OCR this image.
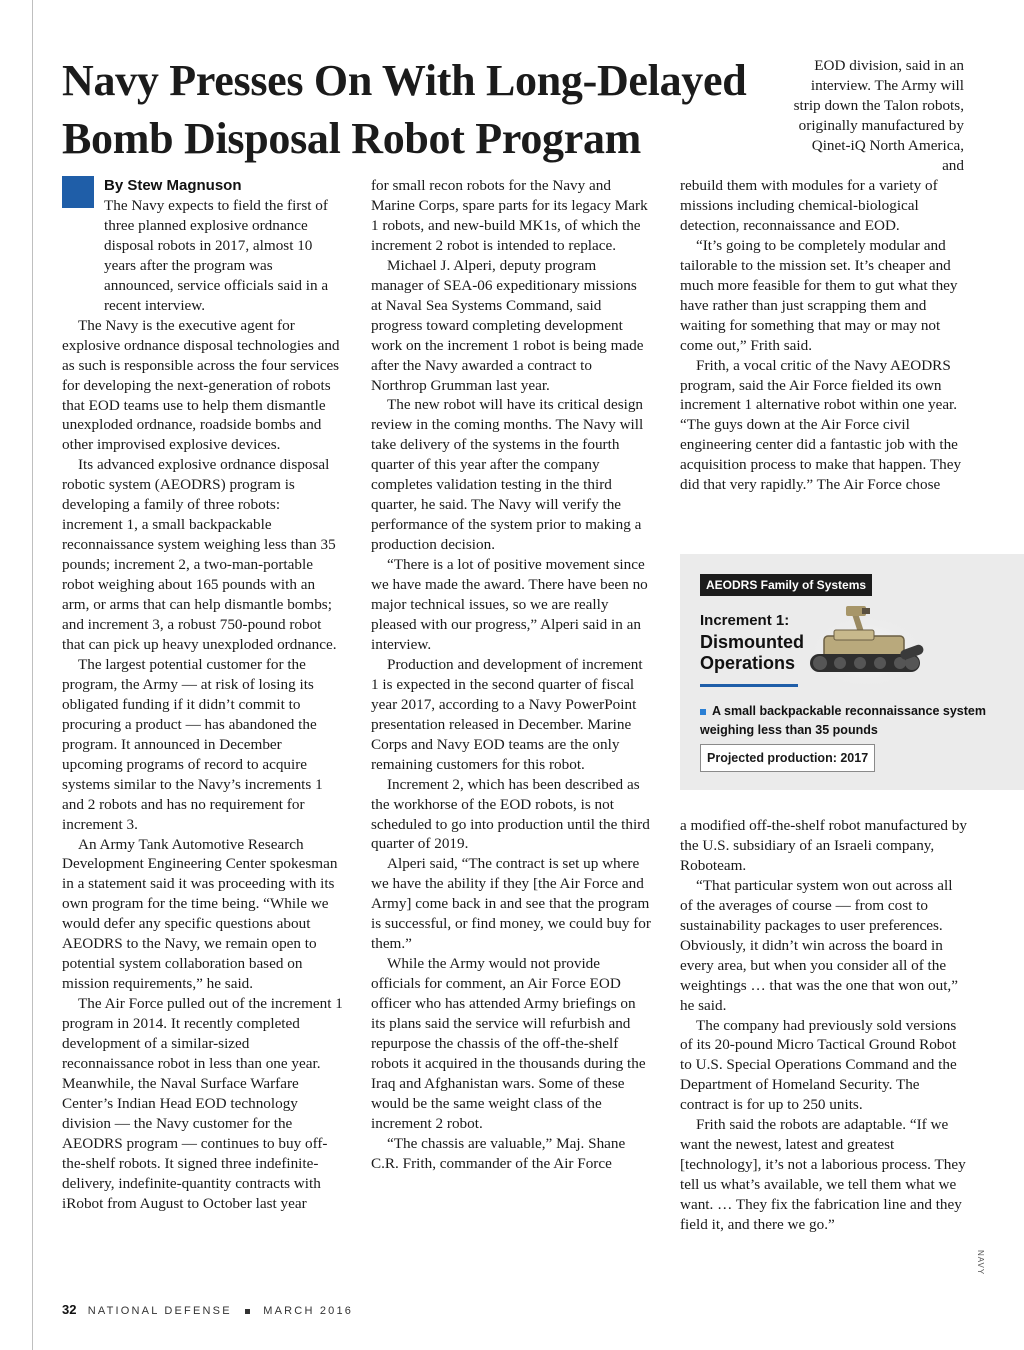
Navy Presses On With Long-Delayed
Bomb Disposal Robot Program
By Stew Magnuson

The Navy expects to field the first of three planned explosive ordnance disposal robots in 2017, almost 10 years after the program was announced, service officials said in a recent interview.

The Navy is the executive agent for explosive ordnance disposal technologies and as such is responsible across the four services for developing the next-generation of robots that EOD teams use to help them dismantle unexploded ordnance, roadside bombs and other improvised explosive devices.

Its advanced explosive ordnance disposal robotic system (AEODRS) program is developing a family of three robots: increment 1, a small backpackable reconnaissance system weighing less than 35 pounds; increment 2, a two-man-portable robot weighing about 165 pounds with an arm, or arms that can help dismantle bombs; and increment 3, a robust 750-pound robot that can pick up heavy unexploded ordnance.

The largest potential customer for the program, the Army — at risk of losing its obligated funding if it didn’t commit to procuring a product — has abandoned the program. It announced in December upcoming programs of record to acquire systems similar to the Navy’s increments 1 and 2 robots and has no requirement for increment 3.

An Army Tank Automotive Research Development Engineering Center spokesman in a statement said it was proceeding with its own program for the time being. “While we would defer any specific questions about AEODRS to the Navy, we remain open to potential system collaboration based on mission requirements,” he said.

The Air Force pulled out of the increment 1 program in 2014. It recently completed development of a similar-sized reconnaissance robot in less than one year. Meanwhile, the Naval Surface Warfare Center’s Indian Head EOD technology division — the Navy customer for the AEODRS program — continues to buy off-the-shelf robots. It signed three indefinite-delivery, indefinite-quantity contracts with iRobot from August to October last year

for small recon robots for the Navy and Marine Corps, spare parts for its legacy Mark 1 robots, and new-build MK1s, of which the increment 2 robot is intended to replace.

Michael J. Alperi, deputy program manager of SEA-06 expeditionary missions at Naval Sea Systems Command, said progress toward completing development work on the increment 1 robot is being made after the Navy awarded a contract to Northrop Grumman last year.

The new robot will have its critical design review in the coming months. The Navy will take delivery of the systems in the fourth quarter of this year after the company completes validation testing in the third quarter, he said. The Navy will verify the performance of the system prior to making a production decision.

“There is a lot of positive movement since we have made the award. There have been no major technical issues, so we are really pleased with our progress,” Alperi said in an interview.

Production and development of increment 1 is expected in the second quarter of fiscal year 2017, according to a Navy PowerPoint presentation released in December. Marine Corps and Navy EOD teams are the only remaining customers for this robot.

Increment 2, which has been described as the workhorse of the EOD robots, is not scheduled to go into production until the third quarter of 2019.

Alperi said, “The contract is set up where we have the ability if they [the Air Force and Army] come back in and see that the program is successful, or find money, we could buy for them.”

While the Army would not provide officials for comment, an Air Force EOD officer who has attended Army briefings on its plans said the service will refurbish and repurpose the chassis of the off-the-shelf robots it acquired in the thousands during the Iraq and Afghanistan wars. Some of these would be the same weight class of the increment 2 robot.

“The chassis are valuable,” Maj. Shane C.R. Frith, commander of the Air Force

EOD division, said in an interview. The Army will strip down the Talon robots, originally manufactured by Qinet-iQ North America, and

rebuild them with modules for a variety of missions including chemical-biological detection, reconnaissance and EOD.

“It’s going to be completely modular and tailorable to the mission set. It’s cheaper and much more feasible for them to gut what they have rather than just scrapping them and waiting for something that may or may not come out,” Frith said.

Frith, a vocal critic of the Navy AEODRS program, said the Air Force fielded its own increment 1 alternative robot within one year. “The guys down at the Air Force civil engineering center did a fantastic job with the acquisition process to make that happen. They did that very rapidly.” The Air Force chose

AEODRS Family of Systems
Increment 1:
Dismounted Operations
A small backpackable reconnaissance system weighing less than 35 pounds
Projected production: 2017

a modified off-the-shelf robot manufactured by the U.S. subsidiary of an Israeli company, Roboteam.

“That particular system won out across all of the averages of course — from cost to sustainability packages to user preferences. Obviously, it didn’t win across the board in every area, but when you consider all of the weightings … that was the one that won out,” he said.

The company had previously sold versions of its 20-pound Micro Tactical Ground Robot to U.S. Special Operations Command and the Department of Homeland Security. The contract is for up to 250 units.

Frith said the robots are adaptable. “If we want the newest, latest and greatest [technology], it’s not a laborious process. They tell us what’s available, we tell them what we want. … They fix the fabrication line and they field it, and there we go.”

NAVY
32 NATIONAL DEFENSE	MARCH 2016
